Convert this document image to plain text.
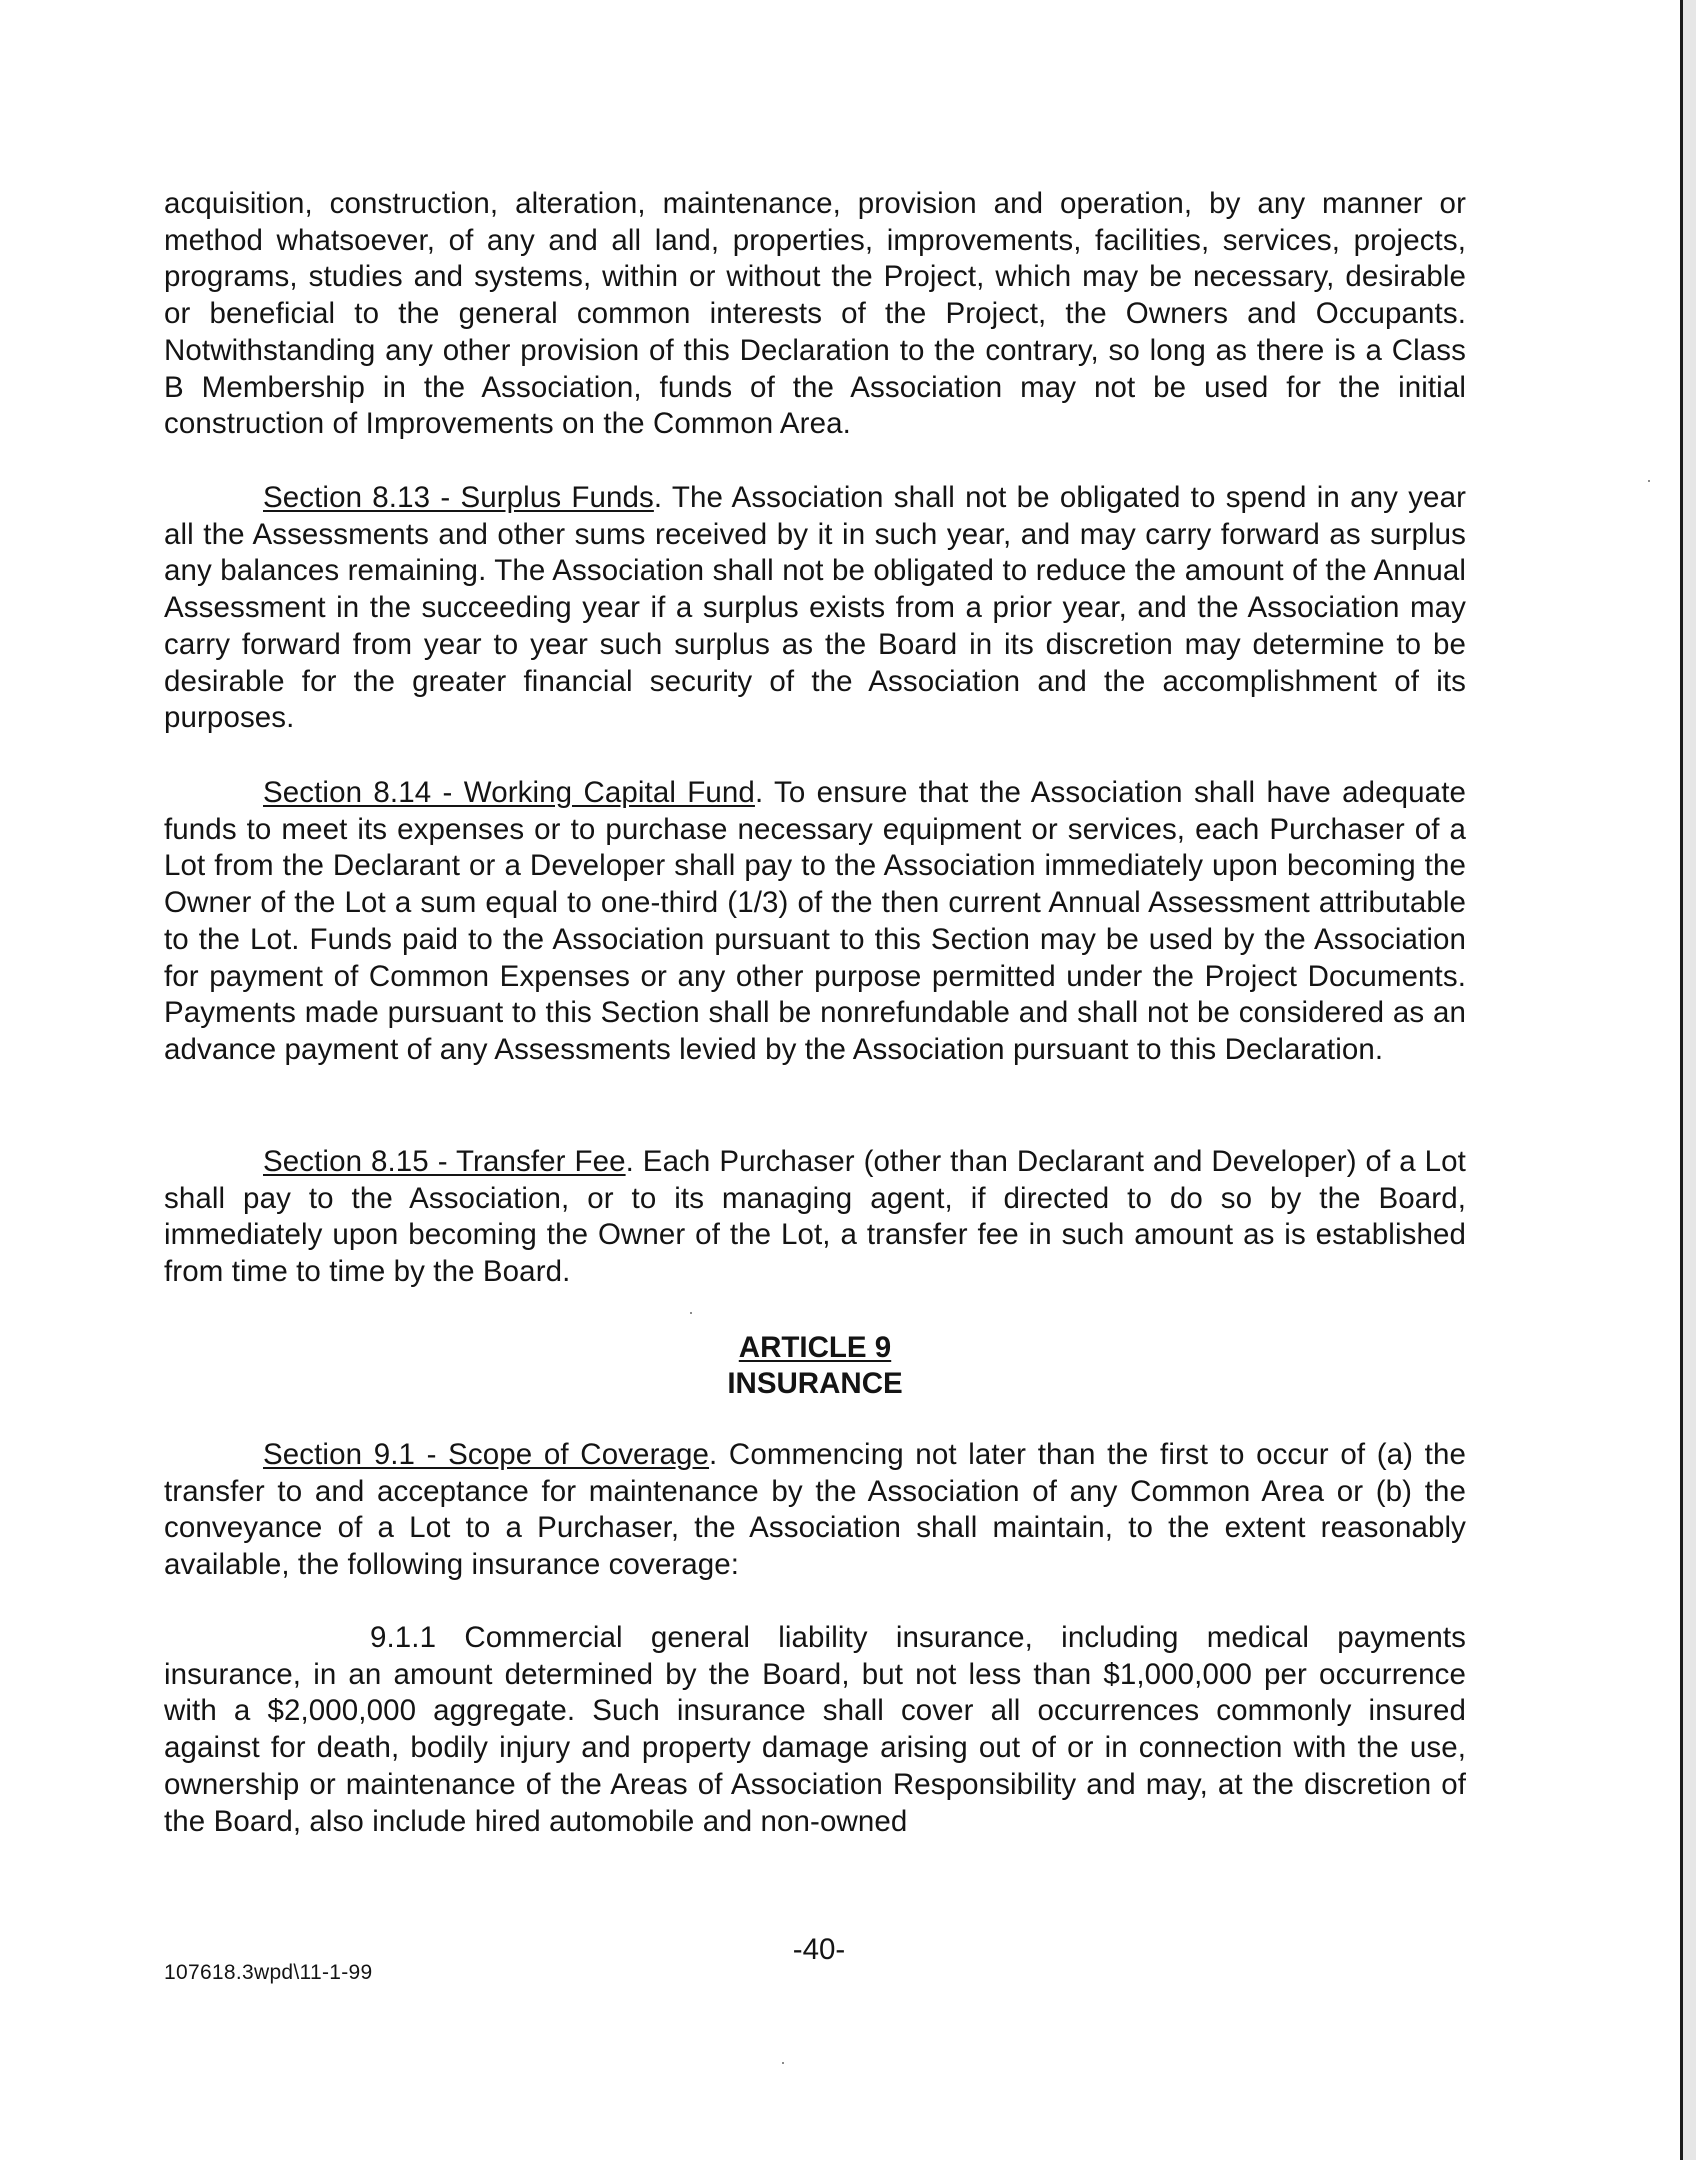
acquisition, construction, alteration, maintenance, provision and operation, by any manner or method whatsoever, of any and all land, properties, improvements, facilities, services, projects, programs, studies and systems, within or without the Project, which may be necessary, desirable or beneficial to the general common interests of the Project, the Owners and Occupants. Notwithstanding any other provision of this Declaration to the contrary, so long as there is a Class B Membership in the Association, funds of the Association may not be used for the initial construction of Improvements on the Common Area.

Section 8.13 - Surplus Funds. The Association shall not be obligated to spend in any year all the Assessments and other sums received by it in such year, and may carry forward as surplus any balances remaining. The Association shall not be obligated to reduce the amount of the Annual Assessment in the succeeding year if a surplus exists from a prior year, and the Association may carry forward from year to year such surplus as the Board in its discretion may determine to be desirable for the greater financial security of the Association and the accomplishment of its purposes.

Section 8.14 - Working Capital Fund. To ensure that the Association shall have adequate funds to meet its expenses or to purchase necessary equipment or services, each Purchaser of a Lot from the Declarant or a Developer shall pay to the Association immediately upon becoming the Owner of the Lot a sum equal to one-third (1/3) of the then current Annual Assessment attributable to the Lot. Funds paid to the Association pursuant to this Section may be used by the Association for payment of Common Expenses or any other purpose permitted under the Project Documents. Payments made pursuant to this Section shall be nonrefundable and shall not be considered as an advance payment of any Assessments levied by the Association pursuant to this Declaration.

Section 8.15 - Transfer Fee. Each Purchaser (other than Declarant and Developer) of a Lot shall pay to the Association, or to its managing agent, if directed to do so by the Board, immediately upon becoming the Owner of the Lot, a transfer fee in such amount as is established from time to time by the Board.

ARTICLE 9
INSURANCE

Section 9.1 - Scope of Coverage. Commencing not later than the first to occur of (a) the transfer to and acceptance for maintenance by the Association of any Common Area or (b) the conveyance of a Lot to a Purchaser, the Association shall maintain, to the extent reasonably available, the following insurance coverage:

9.1.1 Commercial general liability insurance, including medical payments insurance, in an amount determined by the Board, but not less than $1,000,000 per occurrence with a $2,000,000 aggregate. Such insurance shall cover all occurrences commonly insured against for death, bodily injury and property damage arising out of or in connection with the use, ownership or maintenance of the Areas of Association Responsibility and may, at the discretion of the Board, also include hired automobile and non-owned

-40-
107618.3wpd\11-1-99
